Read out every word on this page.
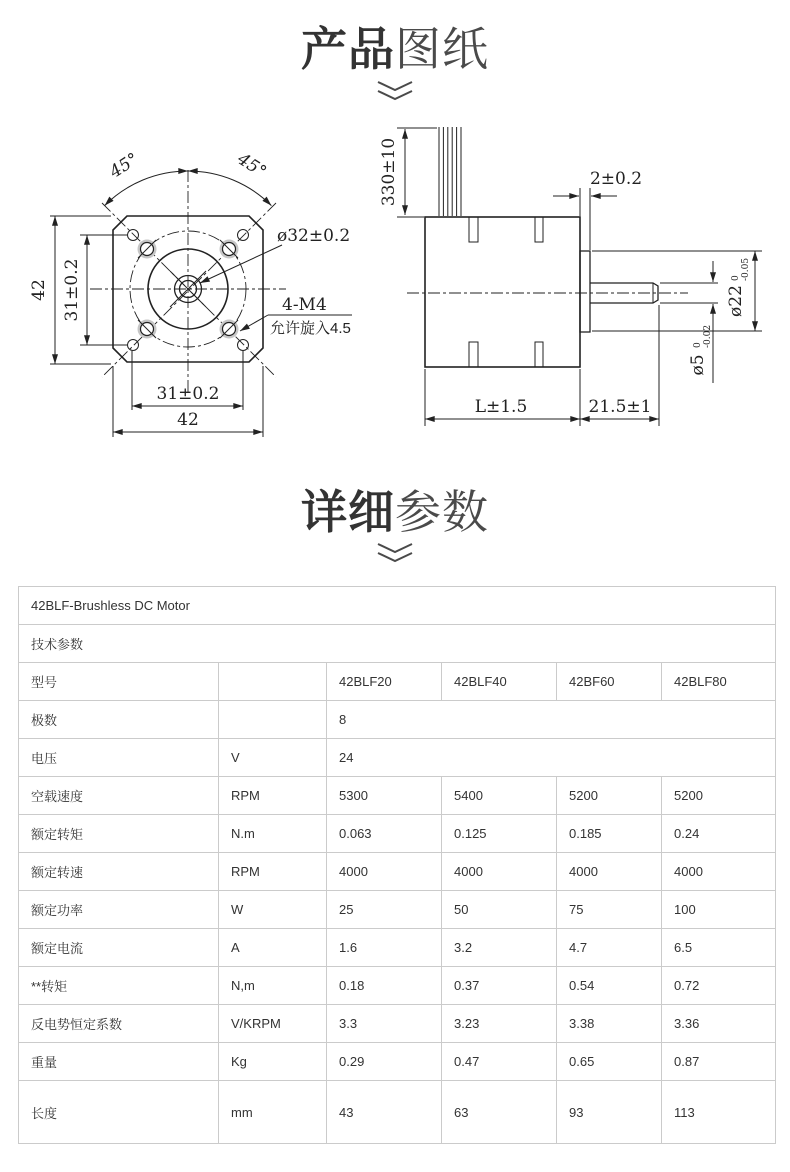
产品图纸
45°	45°
42 31±0.2
31±0.2
42
ø32±0.2
4-M4
允许旋入4.5
330±10	2±0.2
ø22
0 -0.05
ø5
0 -0.02
L±1.5	21.5±1
详细参数
42BLF-Brushless DC Motor					
技术参数					
型号		42BLF20	42BLF40	42BF60	42BLF80
极数		8			
电压	V	24			
空载速度	RPM	5300	5400	5200	5200
额定转矩	N.m	0.063	0.125	0.185	0.24
额定转速	RPM	4000	4000	4000	4000
额定功率	W	25	50	75	100
额定电流	A	1.6	3.2	4.7	6.5
**转矩	N,m	0.18	0.37	0.54	0.72
反电势恒定系数	V/KRPM	3.3	3.23	3.38	3.36
重量	Kg	0.29	0.47	0.65	0.87
长度	mm	43	63	93	113
